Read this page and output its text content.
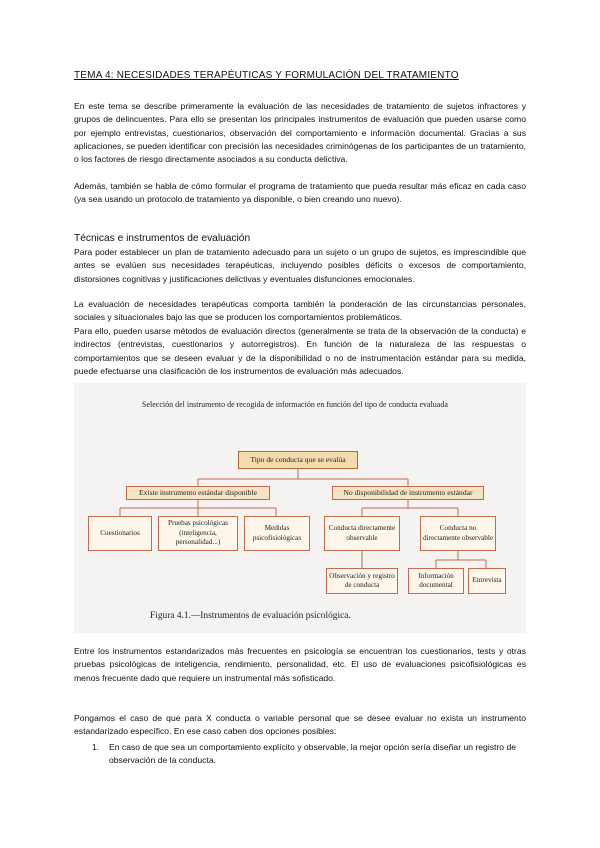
TEMA 4: NECESIDADES TERAPÉUTICAS Y FORMULACIÓN DEL TRATAMIENTO

En este tema se describe primeramente la evaluación de las necesidades de tratamiento de sujetos infractores y grupos de delincuentes. Para ello se presentan los principales instrumentos de evaluación que pueden usarse como por ejemplo entrevistas, cuestionarios, observación del comportamiento e información documental. Gracias a sus aplicaciones, se pueden identificar con precisión las necesidades criminógenas de los participantes de un tratamiento, o los factores de riesgo directamente asociados a su conducta delictiva.

Además, también se habla de cómo formular el programa de tratamiento que pueda resultar más eficaz en cada caso (ya sea usando un protocolo de tratamiento ya disponible, o bien creando uno nuevo).

Técnicas e instrumentos de evaluación

Para poder establecer un plan de tratamiento adecuado para un sujeto o un grupo de sujetos, es imprescindible que antes se evalúen sus necesidades terapéuticas, incluyendo posibles déficits o excesos de comportamiento, distorsiones cognitivas y justificaciones delictivas y eventuales disfunciones emocionales.

La evaluación de necesidades terapéuticas comporta también la ponderación de las circunstancias personales, sociales y situacionales bajo las que se producen los comportamientos problemáticos.

Para ello, pueden usarse métodos de evaluación directos (generalmente se trata de la observación de la conducta) e indirectos (entrevistas, cuestionarios y autorregistros). En función de la naturaleza de las respuestas o comportamientos que se deseen evaluar y de la disponibilidad o no de instrumentación estándar para su medida, puede efectuarse una clasificación de los instrumentos de evaluación más adecuados.

Selección del instrumento de recogida de información en función del tipo de conducta evaluada
Tipo de conducta que se evalúa
Existe instrumento estándar disponible	No disponibilidad de instrumento estándar
Cuestionarios
Pruebas psicológicas (inteligencia, personalidad...)
Medidas psicofisiológicas
Conducta directamente observable
Conducta no directamente observable
Observación y registro de conducta
Información documental
Entrevista
Figura 4.1.—Instrumentos de evaluación psicológica.

Entre los instrumentos estandarizados más frecuentes en psicología se encuentran los cuestionarios, tests y otras pruebas psicológicas de inteligencia, rendimiento, personalidad, etc. El uso de evaluaciones psicofisiológicas es menos frecuente dado que requiere un instrumental más sofisticado.

Pongamos el caso de que para X conducta o variable personal que se desee evaluar no exista un instrumento estandarizado específico. En ese caso caben dos opciones posibles:

1. En caso de que sea un comportamiento explícito y observable, la mejor opción sería diseñar un registro de observación de la conducta.
